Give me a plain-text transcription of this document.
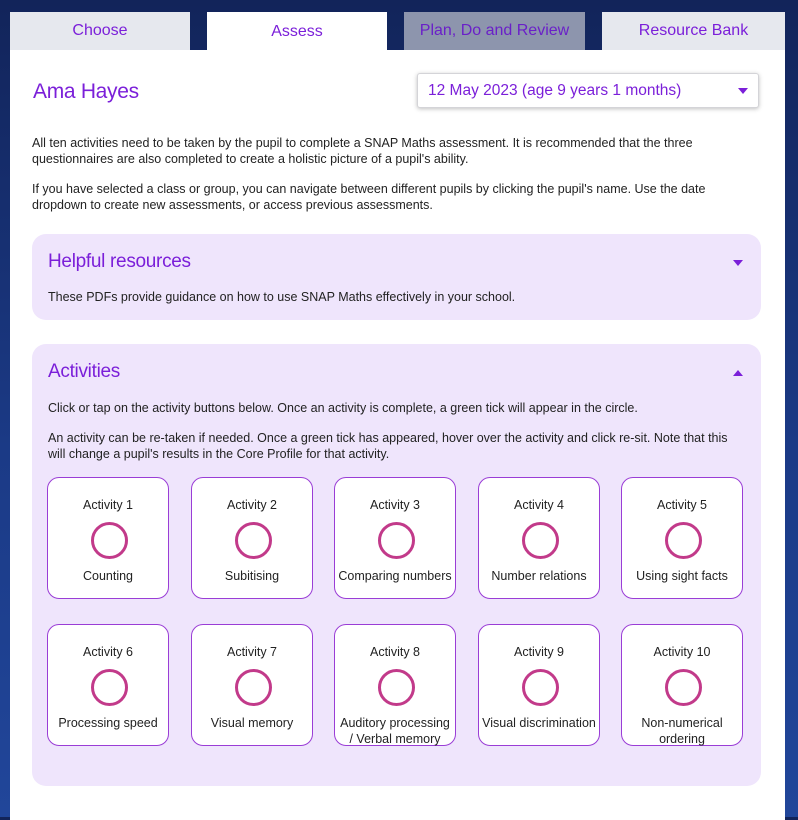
Choose	Assess	Plan, Do and Review	Resource Bank
Ama Hayes	12 May 2023 (age 9 years 1 months)

All ten activities need to be taken by the pupil to complete a SNAP Maths assessment. It is recommended that the three questionnaires are also completed to create a holistic picture of a pupil's ability.

If you have selected a class or group, you can navigate between different pupils by clicking the pupil's name. Use the date dropdown to create new assessments, or access previous assessments.

Helpful resources

These PDFs provide guidance on how to use SNAP Maths effectively in your school.

Activities

Click or tap on the activity buttons below. Once an activity is complete, a green tick will appear in the circle.

An activity can be re-taken if needed. Once a green tick has appeared, hover over the activity and click re-sit. Note that this will change a pupil's results in the Core Profile for that activity.

Activity 1
Counting
Activity 2
Subitising
Activity 3
Comparing numbers
Activity 4
Number relations
Activity 5
Using sight facts
Activity 6
Processing speed
Activity 7
Visual memory
Activity 8
Auditory processing / Verbal memory
Activity 9
Visual discrimination
Activity 10
Non-numerical ordering
